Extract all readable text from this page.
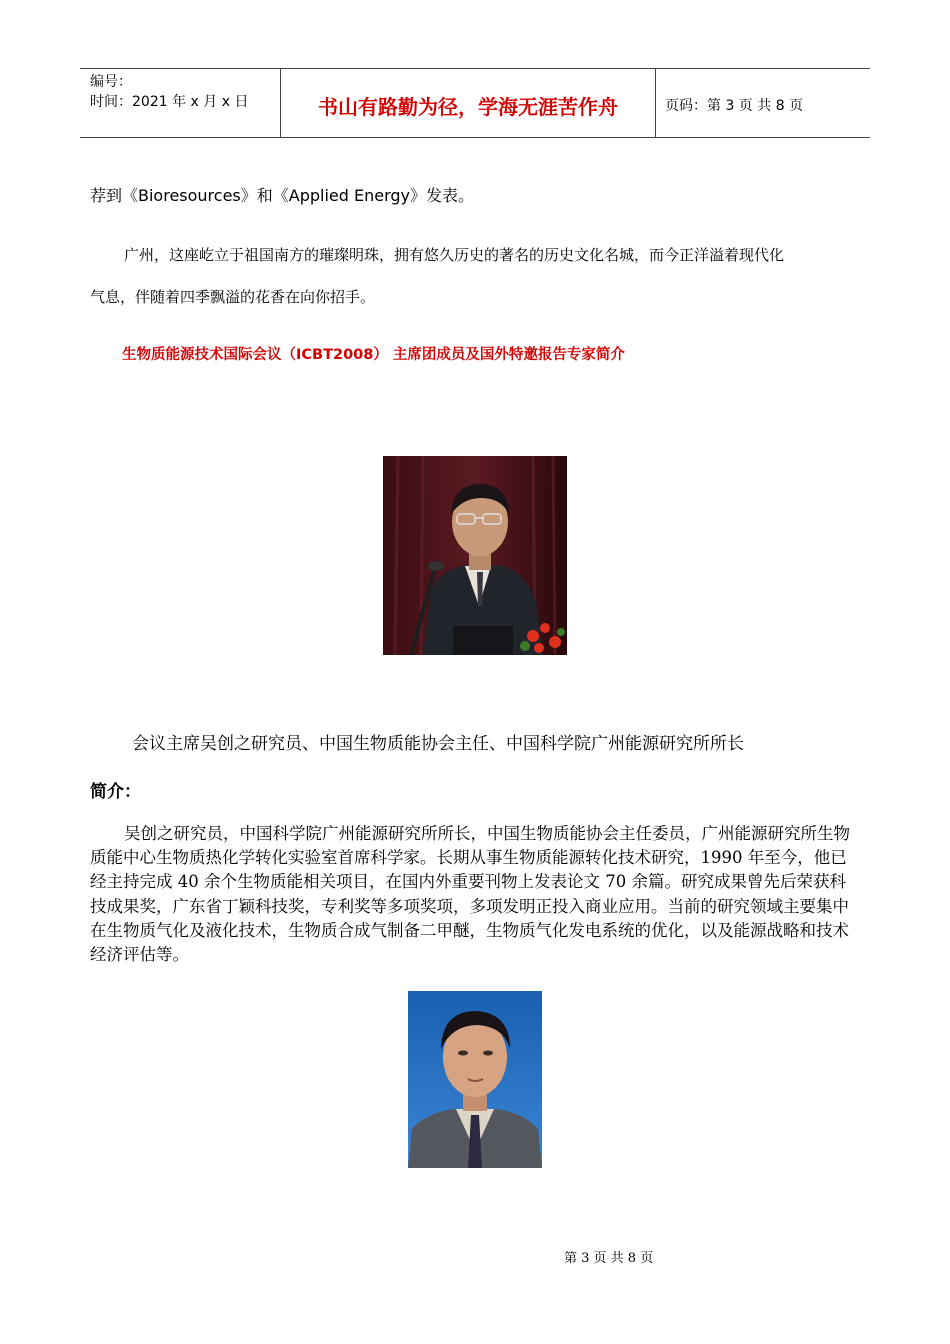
编号：
时间：2021 年 x 月 x 日	书山有路勤为径，学海无涯苦作舟	页码：第 3 页 共 8 页
荐到《Bioresources》和《Applied Energy》发表。
广州，这座屹立于祖国南方的璀璨明珠，拥有悠久历史的著名的历史文化名城，而今正洋溢着现代化
气息，伴随着四季飘溢的花香在向你招手。
生物质能源技术国际会议（ICBT2008） 主席团成员及国外特邀报告专家简介
会议主席吴创之研究员、中国生物质能协会主任、中国科学院广州能源研究所所长
简介：

吴创之研究员，中国科学院广州能源研究所所长，中国生物质能协会主任委员，广州能源研究所生物质能中心生物质热化学转化实验室首席科学家。长期从事生物质能源转化技术研究，1990 年至今，他已经主持完成 40 余个生物质能相关项目，在国内外重要刊物上发表论文 70 余篇。研究成果曾先后荣获科技成果奖，广东省丁颖科技奖，专利奖等多项奖项，多项发明正投入商业应用。当前的研究领域主要集中在生物质气化及液化技术，生物质合成气制备二甲醚，生物质气化发电系统的优化，以及能源战略和技术经济评估等。

第 3 页 共 8 页
